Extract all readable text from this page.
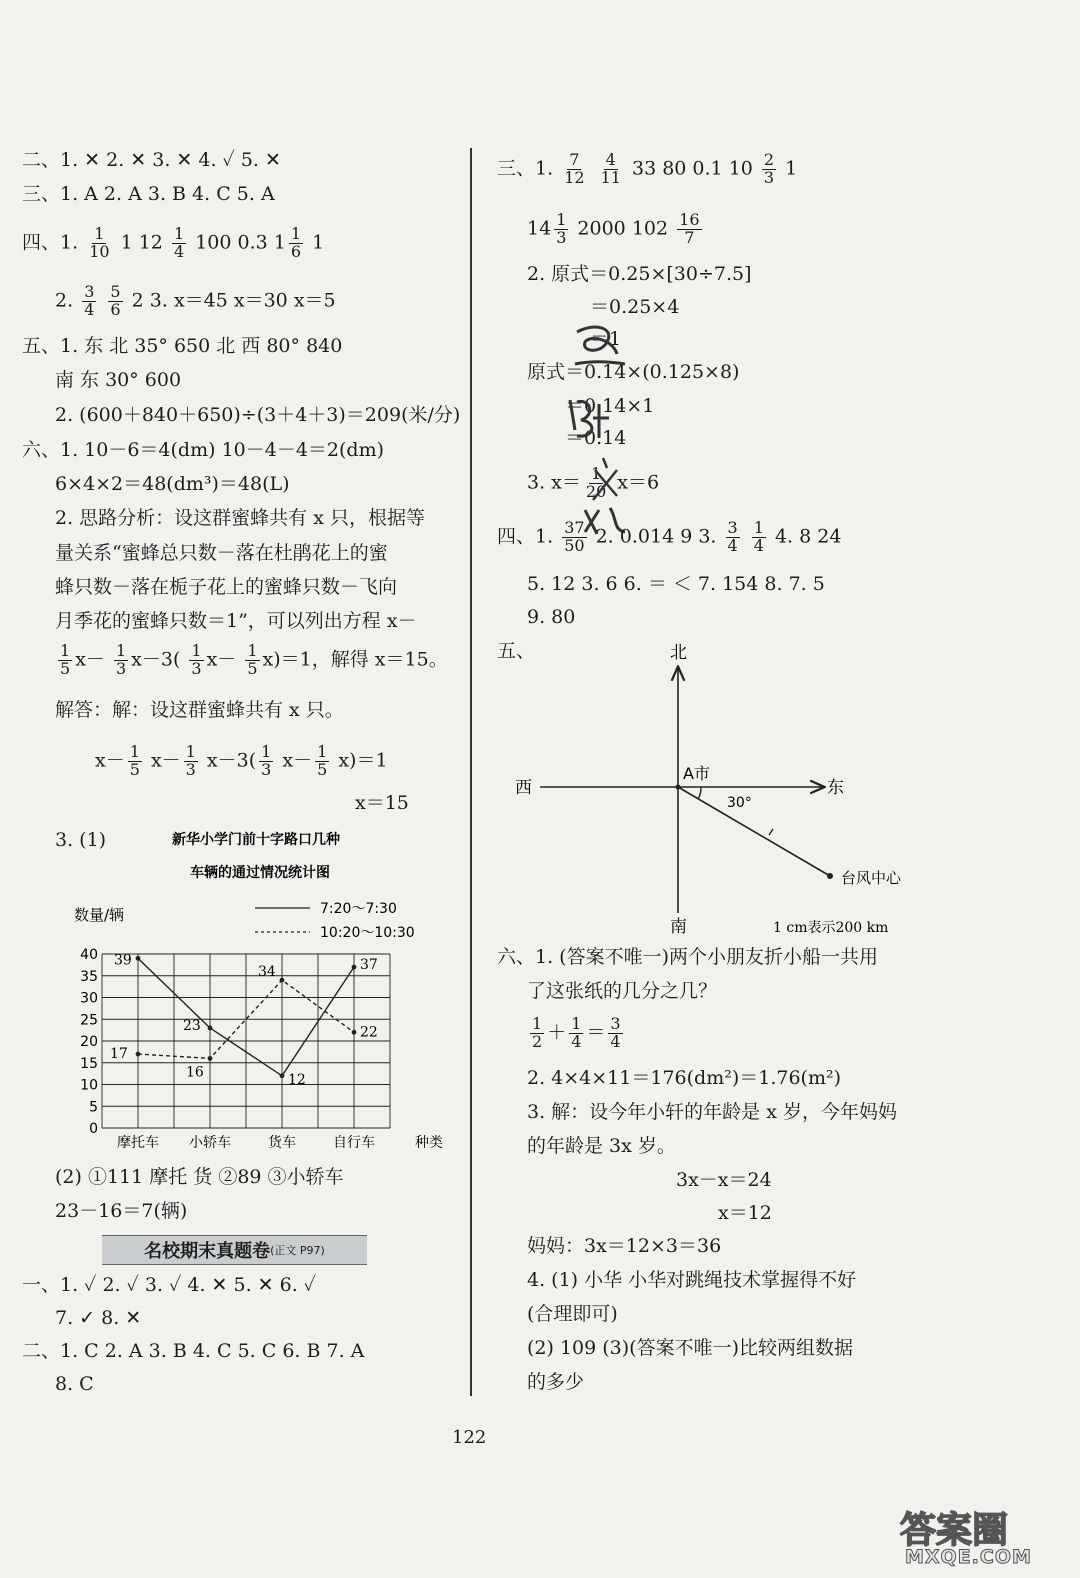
二、1. ✕ 2. ✕ 3. ✕ 4. ✓ 5. ✕
三、1. A 2. A 3. B 4. C 5. A
四、1. $\frac{1}{10} 1$ $12 \frac{1}{4} 100$ 0.3 $1 \frac{1}{6} 1$
2. $\frac{3}{4}$
$\frac{5}{6} 2$ 3. x＝45 x＝30 x＝5
五、1. 东 北 35° 650 北 西 80° 840
南 东 30° 600
2. (600＋840＋650)÷(3＋4＋3)＝209(米/分)
六、1. 10－6＝4(dm) 10－4－4＝2(dm)
6×4×2＝48(dm³)＝48(L)
2. 思路分析：设这群蜜蜂共有 x 只，根据等
量关系“蜜蜂总只数－落在杜鹃花上的蜜
蜂只数－落在栀子花上的蜜蜂只数－飞向
月季花的蜜蜂只数＝1”，可以列出方程 x－
$\frac{1}{5} x- \frac{1}{3} x-3( \frac{1}{3} x- \frac{1}{5} x)=1$，解得 x＝15。
解答：解：设这群蜜蜂共有 x 只。
$x- \frac{1}{5} x- \frac{1}{3} x-3( \frac{1}{3} x- \frac{1}{5} x)=1$
x＝15
3. (1)	新华小学门前十字路口几种
车辆的通过情况统计图
数量/辆	7:20～7:30
10:20～10:30
0
5
10
15
20
25
30
35
40
摩托车 小轿车	货车	自行车	种类
39
23
12
37
17
16
34
22
(2) ①111 摩托 货 ②89 ③小轿车
23－16＝7(辆)
名校期末真题卷 (正文 P97)
一、1. ✓ 2. ✓ 3. ✓ 4. ✕ 5. ✕ 6. ✓
7. ✓ 8. ✕
二、1. C 2. A 3. B 4. C 5. C 6. B 7. A
8. C
三、1. $\frac{7}{12}$
$\frac{4}{11} 33$ 80 0.1 $10 \frac{2}{3} 1$
$14 \frac{1}{3} 2000$ $102 \frac{16}{7}$
2. 原式＝0.25×[30÷7.5]
＝0.25×4
＝1
原式＝0.14×(0.125×8)
＝0.14×1
＝0.14
3. $x= \frac{1}{20} x=6$
四、1. $\frac{37}{50} 2$. 0.014 9 3. $\frac{3}{4}$
$\frac{1}{4} 4$. 8 24
5. 12 3. 6 6. ＝ ＜ 7. 154 8. 7. 5
9. 80
五、	北
南
西	东
A市
30°
台风中心
1 cm表示200 km
六、1. (答案不唯一)两个小朋友折小船一共用
了这张纸的几分之几？
$\frac{1}{2} + \frac{1}{4} = \frac{3}{4}$
2. 4×4×11＝176(dm²)＝1.76(m²)
3. 解：设今年小轩的年龄是 x 岁，今年妈妈
的年龄是 3x 岁。
3x－x＝24
x＝12
妈妈：3x＝12×3＝36
4. (1) 小华 小华对跳绳技术掌握得不好
(合理即可)
(2) 109 (3)(答案不唯一)比较两组数据
的多少
122
答案圈
MXQE.COM
